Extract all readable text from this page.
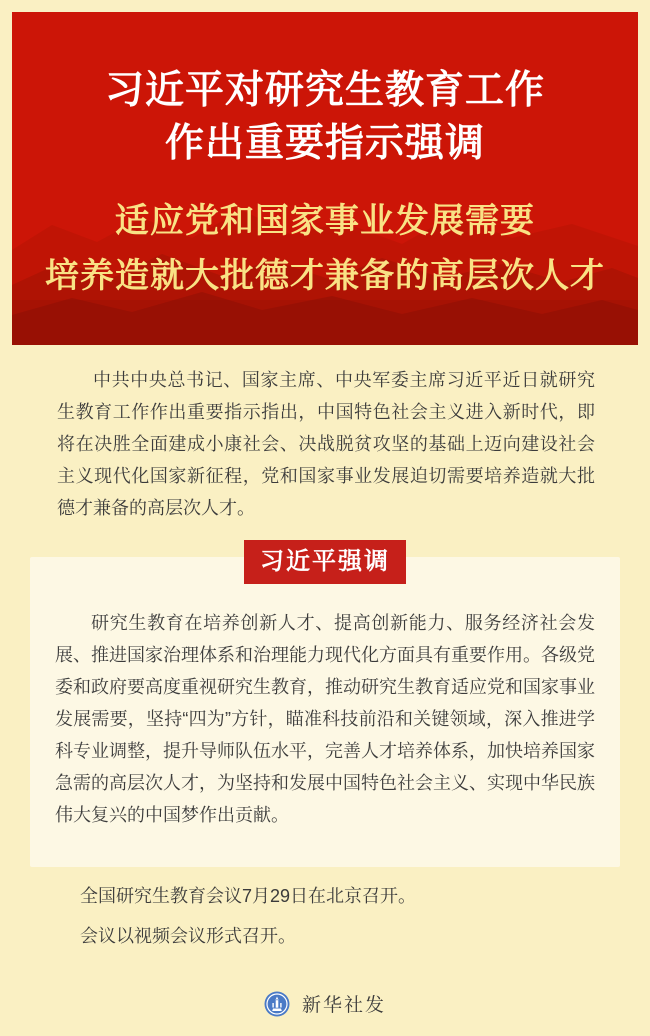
习近平对研究生教育工作
作出重要指示强调
适应党和国家事业发展需要
培养造就大批德才兼备的高层次人才

中共中央总书记、国家主席、中央军委主席习近平近日就研究生教育工作作出重要指示指出，中国特色社会主义进入新时代，即将在决胜全面建成小康社会、决战脱贫攻坚的基础上迈向建设社会主义现代化国家新征程，党和国家事业发展迫切需要培养造就大批德才兼备的高层次人才。

习近平强调

研究生教育在培养创新人才、提高创新能力、服务经济社会发展、推进国家治理体系和治理能力现代化方面具有重要作用。各级党委和政府要高度重视研究生教育，推动研究生教育适应党和国家事业发展需要，坚持“四为”方针，瞄准科技前沿和关键领域，深入推进学科专业调整，提升导师队伍水平，完善人才培养体系，加快培养国家急需的高层次人才，为坚持和发展中国特色社会主义、实现中华民族伟大复兴的中国梦作出贡献。

全国研究生教育会议7月29日在北京召开。

会议以视频会议形式召开。

新华社发
